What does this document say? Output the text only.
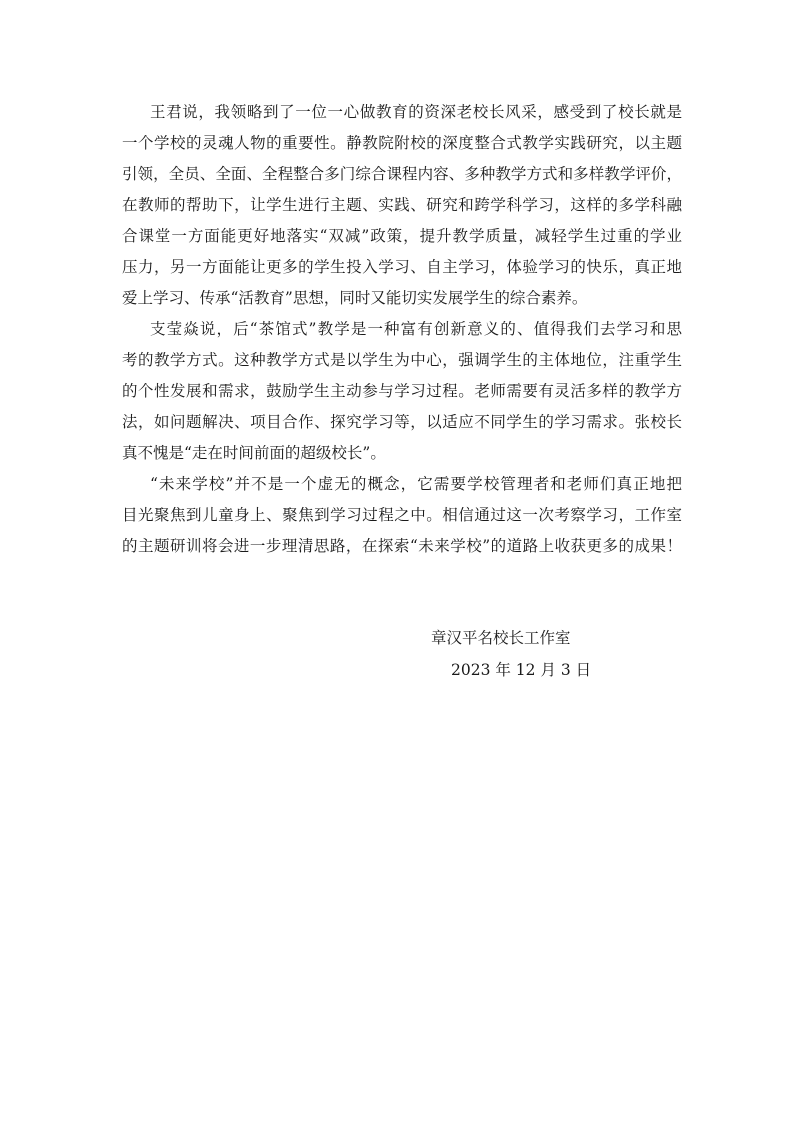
王君说，我领略到了一位一心做教育的资深老校长风采，感受到了校长就是
一个学校的灵魂人物的重要性。静教院附校的深度整合式教学实践研究，以主题
引领，全员、全面、全程整合多门综合课程内容、多种教学方式和多样教学评价，
在教师的帮助下，让学生进行主题、实践、研究和跨学科学习，这样的多学科融
合课堂一方面能更好地落实“双减”政策，提升教学质量，减轻学生过重的学业
压力，另一方面能让更多的学生投入学习、自主学习，体验学习的快乐，真正地
爱上学习、传承“活教育”思想，同时又能切实发展学生的综合素养。
支莹焱说，后“茶馆式”教学是一种富有创新意义的、值得我们去学习和思
考的教学方式。这种教学方式是以学生为中心，强调学生的主体地位，注重学生
的个性发展和需求，鼓励学生主动参与学习过程。老师需要有灵活多样的教学方
法，如问题解决、项目合作、探究学习等，以适应不同学生的学习需求。张校长
真不愧是“走在时间前面的超级校长”。
“未来学校”并不是一个虚无的概念，它需要学校管理者和老师们真正地把
目光聚焦到儿童身上、聚焦到学习过程之中。相信通过这一次考察学习，工作室
的主题研训将会进一步理清思路，在探索“未来学校”的道路上收获更多的成果！
章汉平名校长工作室
2023 年 12 月 3 日
